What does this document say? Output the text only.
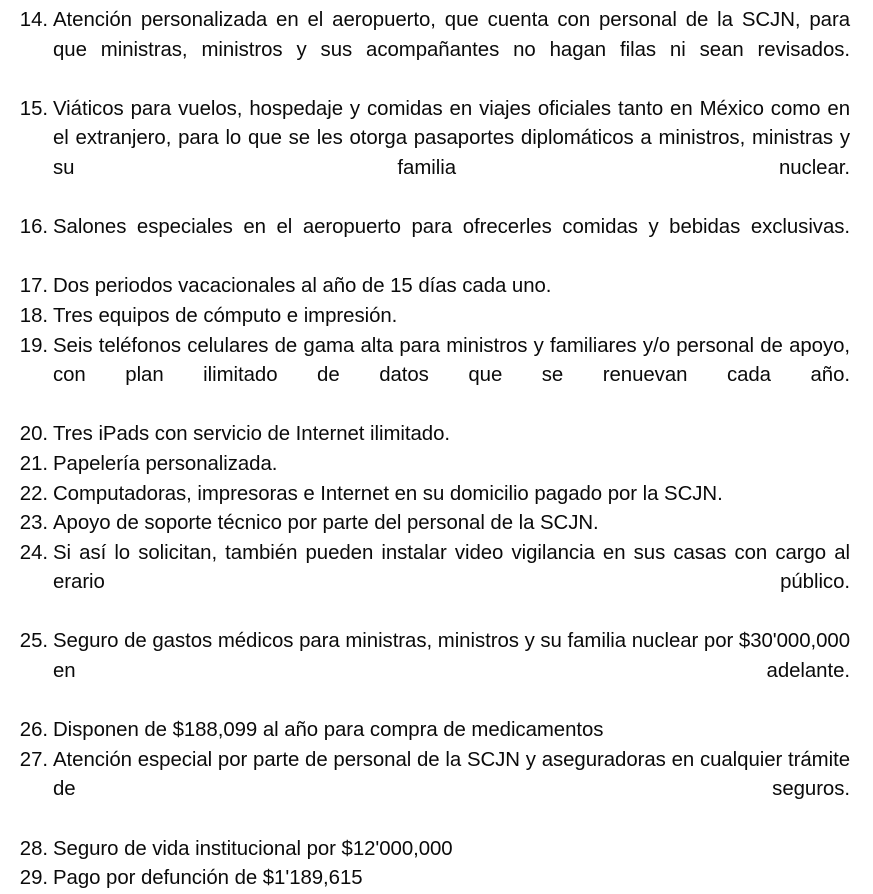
14. Atención personalizada en el aeropuerto, que cuenta con personal de la SCJN, para que ministras, ministros y sus acompañantes no hagan filas ni sean revisados.
15. Viáticos para vuelos, hospedaje y comidas en viajes oficiales tanto en México como en el extranjero, para lo que se les otorga pasaportes diplomáticos a ministros, ministras y su familia nuclear.
16. Salones especiales en el aeropuerto para ofrecerles comidas y bebidas exclusivas.
17. Dos periodos vacacionales al año de 15 días cada uno.
18. Tres equipos de cómputo e impresión.
19. Seis teléfonos celulares de gama alta para ministros y familiares y/o personal de apoyo, con plan ilimitado de datos que se renuevan cada año.
20. Tres iPads con servicio de Internet ilimitado.
21. Papelería personalizada.
22. Computadoras, impresoras e Internet en su domicilio pagado por la SCJN.
23. Apoyo de soporte técnico por parte del personal de la SCJN.
24. Si así lo solicitan, también pueden instalar video vigilancia en sus casas con cargo al erario público.
25. Seguro de gastos médicos para ministras, ministros y su familia nuclear por $30'000,000 en adelante.
26. Disponen de $188,099 al año para compra de medicamentos
27. Atención especial por parte de personal de la SCJN y aseguradoras en cualquier trámite de seguros.
28. Seguro de vida institucional por $12'000,000
29. Pago por defunción de $1'189,615
